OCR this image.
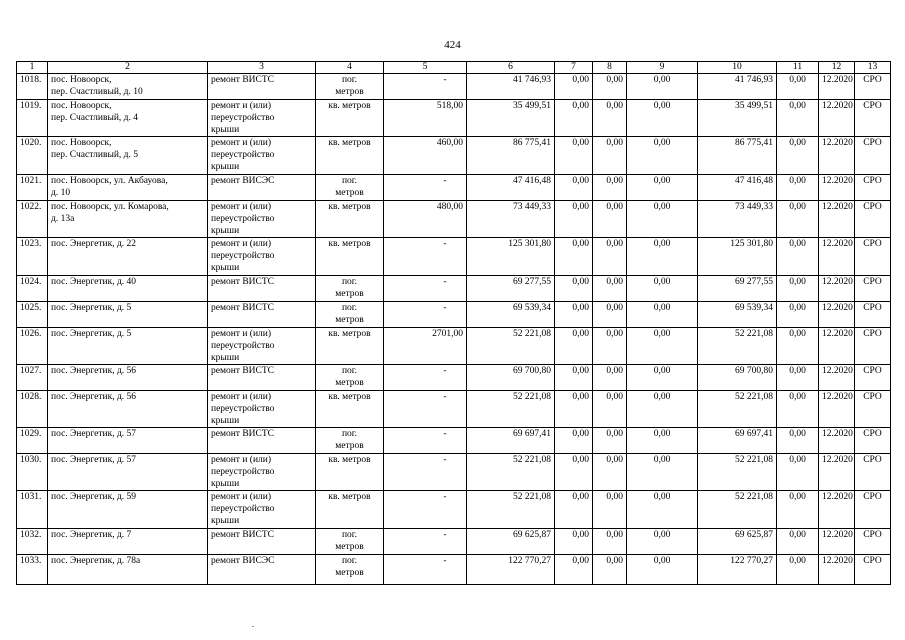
424
1	2	3	4	5	6	7	8	9	10	11	12	13
1018.	пос. Новоорск,
пер. Счастливый, д. 10	ремонт ВИСТС	пог.
метров	-	41 746,93	0,00	0,00	0,00	41 746,93	0,00	12.2020	СРО
1019.	пос. Новоорск,
пер. Счастливый, д. 4	ремонт и (или)
переустройство
крыши	кв. метров	518,00	35 499,51	0,00	0,00	0,00	35 499,51	0,00	12.2020	СРО
1020.	пос. Новоорск,
пер. Счастливый, д. 5	ремонт и (или)
переустройство
крыши	кв. метров	460,00	86 775,41	0,00	0,00	0,00	86 775,41	0,00	12.2020	СРО
1021.	пос. Новоорск, ул. Акбауова,
д. 10	ремонт ВИСЭС	пог.
метров	-	47 416,48	0,00	0,00	0,00	47 416,48	0,00	12.2020	СРО
1022.	пос. Новоорск, ул. Комарова,
д. 13а	ремонт и (или)
переустройство
крыши	кв. метров	480,00	73 449,33	0,00	0,00	0,00	73 449,33	0,00	12.2020	СРО
1023.	пос. Энергетик, д. 22	ремонт и (или)
переустройство
крыши	кв. метров	-	125 301,80	0,00	0,00	0,00	125 301,80	0,00	12.2020	СРО
1024.	пос. Энергетик, д. 40	ремонт ВИСТС	пог.
метров	-	69 277,55	0,00	0,00	0,00	69 277,55	0,00	12.2020	СРО
1025.	пос. Энергетик, д. 5	ремонт ВИСТС	пог.
метров	-	69 539,34	0,00	0,00	0,00	69 539,34	0,00	12.2020	СРО
1026.	пос. Энергетик, д. 5	ремонт и (или)
переустройство
крыши	кв. метров	2701,00	52 221,08	0,00	0,00	0,00	52 221,08	0,00	12.2020	СРО
1027.	пос. Энергетик, д. 56	ремонт ВИСТС	пог.
метров	-	69 700,80	0,00	0,00	0,00	69 700,80	0,00	12.2020	СРО
1028.	пос. Энергетик, д. 56	ремонт и (или)
переустройство
крыши	кв. метров	-	52 221,08	0,00	0,00	0,00	52 221,08	0,00	12.2020	СРО
1029.	пос. Энергетик, д. 57	ремонт ВИСТС	пог.
метров	-	69 697,41	0,00	0,00	0,00	69 697,41	0,00	12.2020	СРО
1030.	пос. Энергетик, д. 57	ремонт и (или)
переустройство
крыши	кв. метров	-	52 221,08	0,00	0,00	0,00	52 221,08	0,00	12.2020	СРО
1031.	пос. Энергетик, д. 59	ремонт и (или)
переустройство
крыши	кв. метров	-	52 221,08	0,00	0,00	0,00	52 221,08	0,00	12.2020	СРО
1032.	пос. Энергетик, д. 7	ремонт ВИСТС	пог.
метров	-	69 625,87	0,00	0,00	0,00	69 625,87	0,00	12.2020	СРО
1033.	пос. Энергетик, д. 78а	ремонт ВИСЭС	пог.
метров	-	122 770,27	0,00	0,00	0,00	122 770,27	0,00	12.2020	СРО
